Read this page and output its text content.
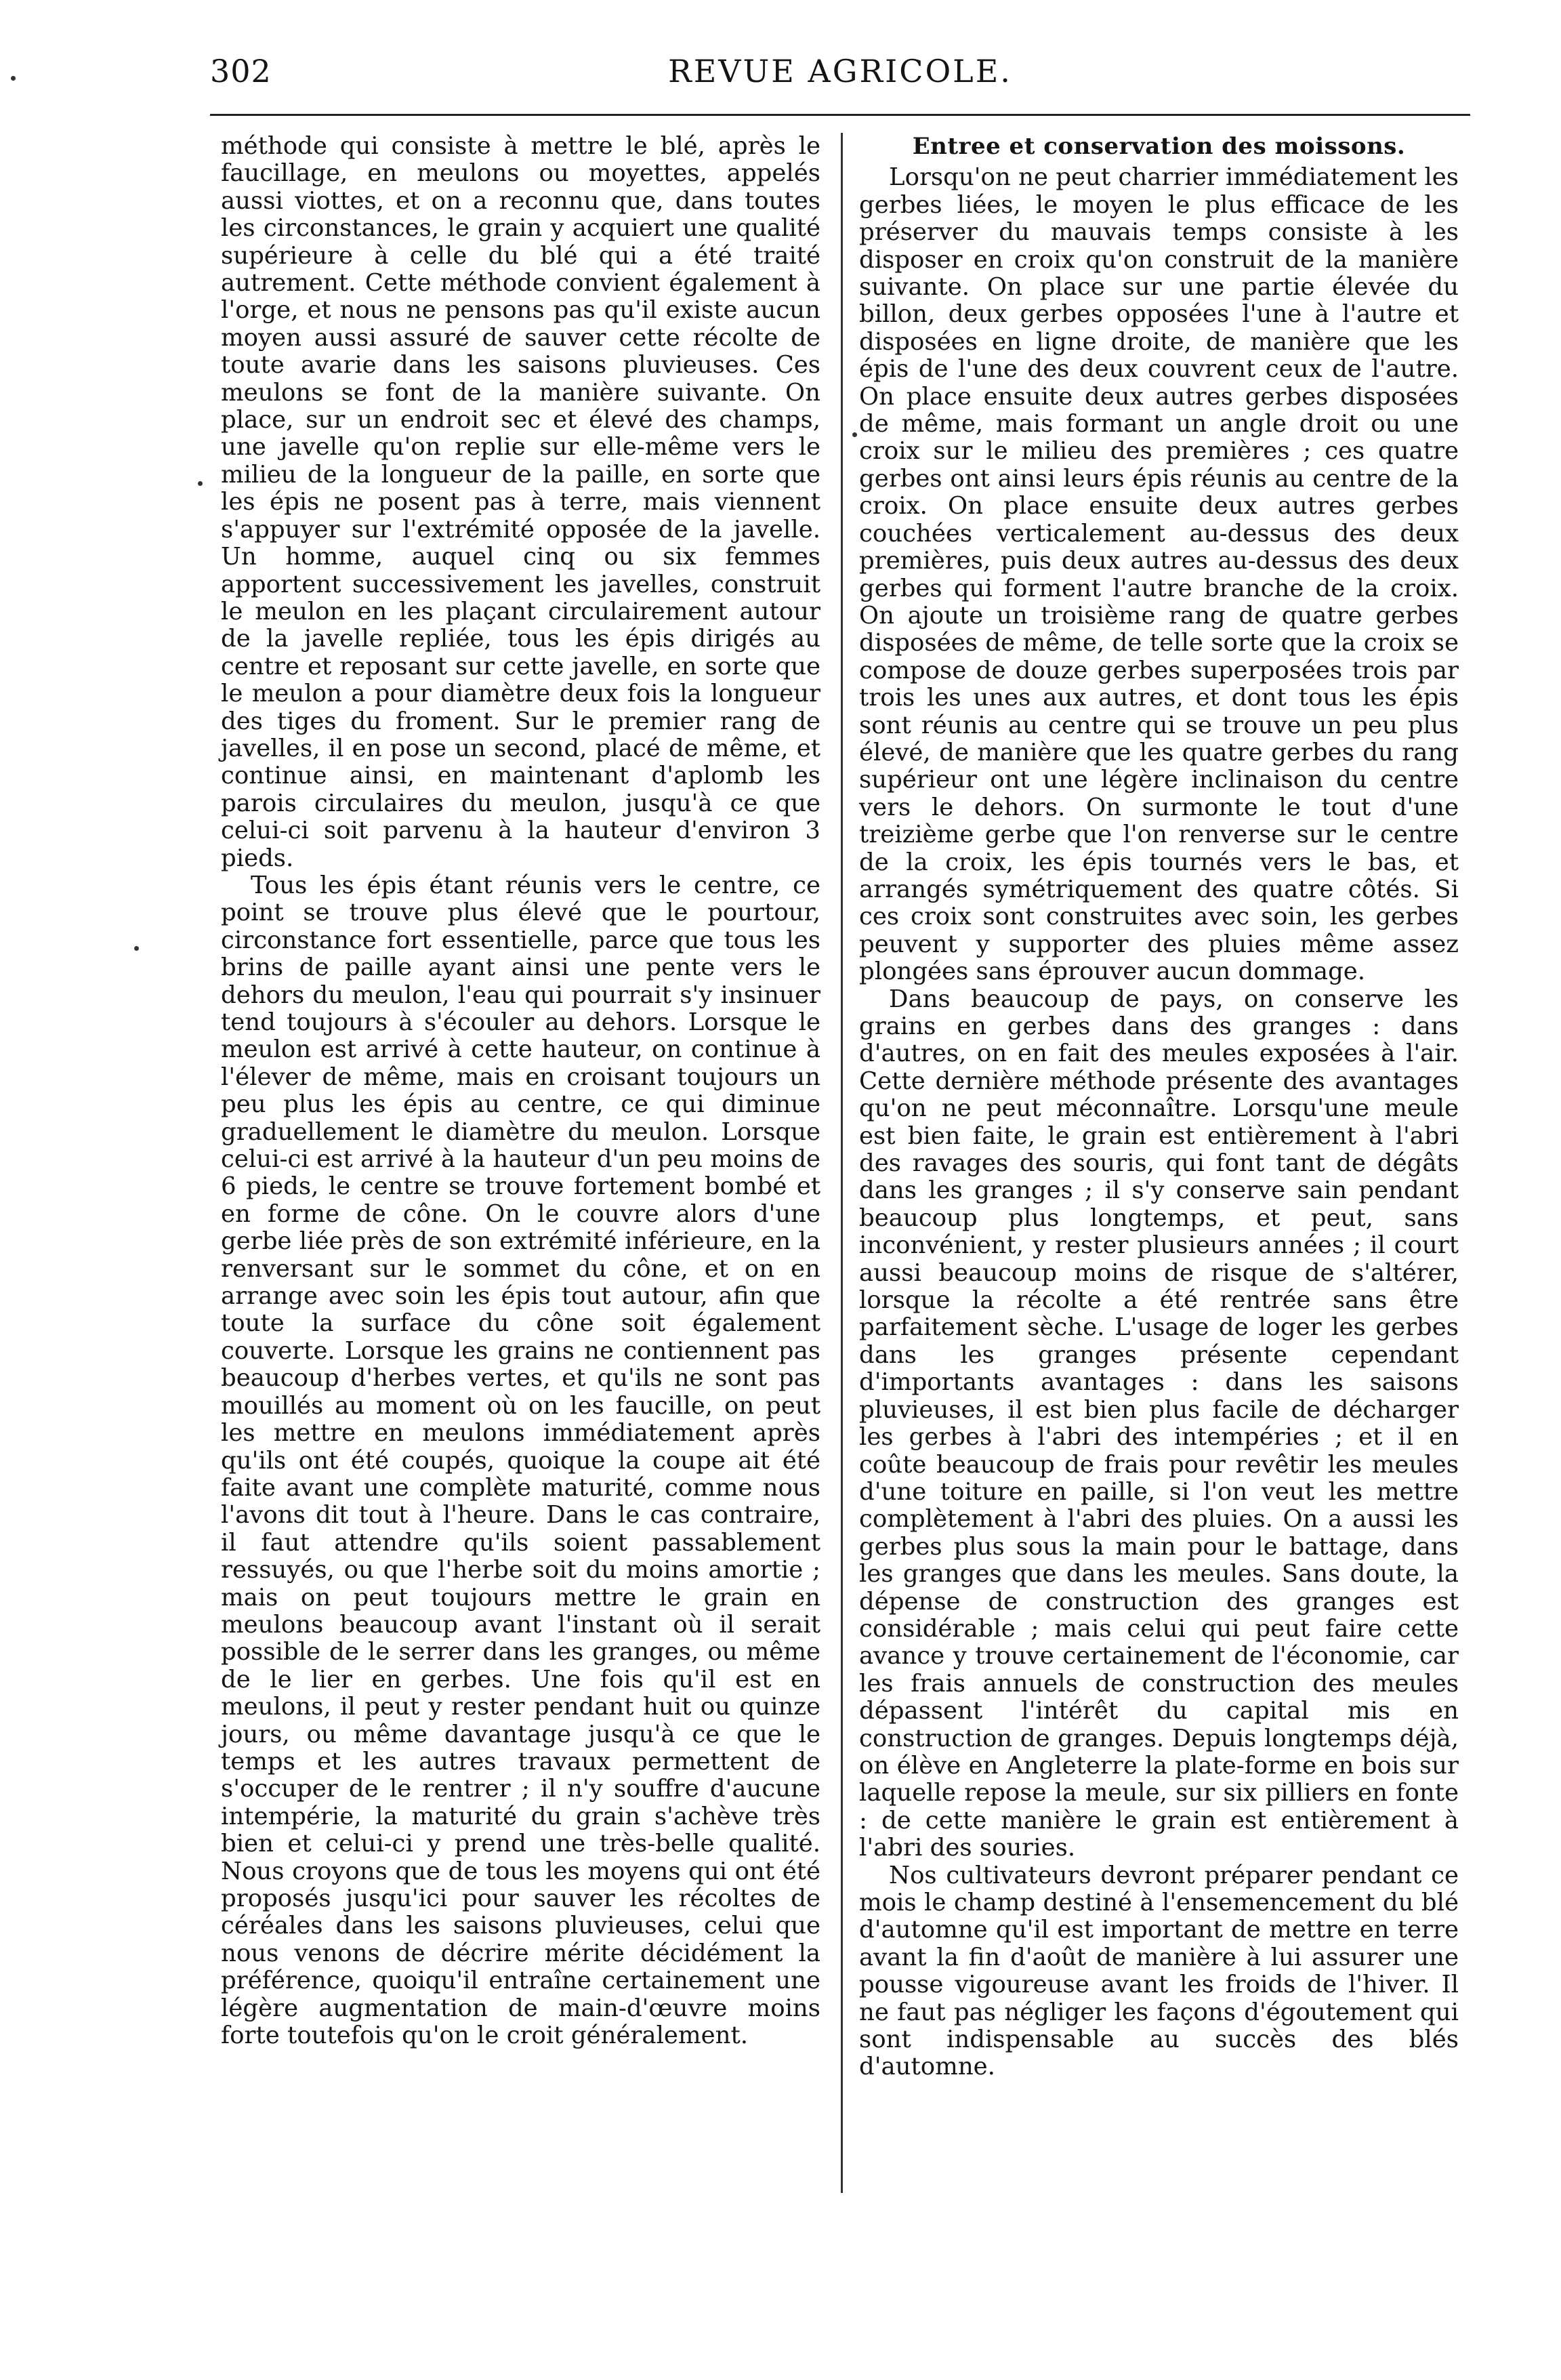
302	REVUE AGRICOLE.

méthode qui consiste à mettre le blé, après le faucillage, en meulons ou moyettes, appelés aussi viottes, et on a reconnu que, dans toutes les circonstances, le grain y acquiert une qualité supérieure à celle du blé qui a été traité autrement. Cette méthode convient également à l'orge, et nous ne pensons pas qu'il existe aucun moyen aussi assuré de sauver cette récolte de toute avarie dans les saisons pluvieuses. Ces meulons se font de la manière suivante. On place, sur un endroit sec et élevé des champs, une javelle qu'on replie sur elle-même vers le milieu de la longueur de la paille, en sorte que les épis ne posent pas à terre, mais viennent s'appuyer sur l'extrémité opposée de la javelle. Un homme, auquel cinq ou six femmes apportent successivement les javelles, construit le meulon en les plaçant circulairement autour de la javelle repliée, tous les épis dirigés au centre et reposant sur cette javelle, en sorte que le meulon a pour diamètre deux fois la longueur des tiges du froment. Sur le premier rang de javelles, il en pose un second, placé de même, et continue ainsi, en maintenant d'aplomb les parois circulaires du meulon, jusqu'à ce que celui-ci soit parvenu à la hauteur d'environ 3 pieds.

Tous les épis étant réunis vers le centre, ce point se trouve plus élevé que le pourtour, circonstance fort essentielle, parce que tous les brins de paille ayant ainsi une pente vers le dehors du meulon, l'eau qui pourrait s'y insinuer tend toujours à s'écouler au dehors. Lorsque le meulon est arrivé à cette hauteur, on continue à l'élever de même, mais en croisant toujours un peu plus les épis au centre, ce qui diminue graduellement le diamètre du meulon. Lorsque celui-ci est arrivé à la hauteur d'un peu moins de 6 pieds, le centre se trouve fortement bombé et en forme de cône. On le couvre alors d'une gerbe liée près de son extrémité inférieure, en la renversant sur le sommet du cône, et on en arrange avec soin les épis tout autour, afin que toute la surface du cône soit également couverte. Lorsque les grains ne contiennent pas beaucoup d'herbes vertes, et qu'ils ne sont pas mouillés au moment où on les faucille, on peut les mettre en meulons immédiatement après qu'ils ont été coupés, quoique la coupe ait été faite avant une complète maturité, comme nous l'avons dit tout à l'heure. Dans le cas contraire, il faut attendre qu'ils soient passablement ressuyés, ou que l'herbe soit du moins amortie ; mais on peut toujours mettre le grain en meulons beaucoup avant l'instant où il serait possible de le serrer dans les granges, ou même de le lier en gerbes. Une fois qu'il est en meulons, il peut y rester pendant huit ou quinze jours, ou même davantage jusqu'à ce que le temps et les autres travaux permettent de s'occuper de le rentrer ; il n'y souffre d'aucune intempérie, la maturité du grain s'achève très bien et celui-ci y prend une très-belle qualité. Nous croyons que de tous les moyens qui ont été proposés jusqu'ici pour sauver les récoltes de céréales dans les saisons pluvieuses, celui que nous venons de décrire mérite décidément la préférence, quoiqu'il entraîne certainement une légère augmentation de main-d'œuvre moins forte toutefois qu'on le croit généralement.

Entree et conservation des moissons.

Lorsqu'on ne peut charrier immédiatement les gerbes liées, le moyen le plus efficace de les préserver du mauvais temps consiste à les disposer en croix qu'on construit de la manière suivante. On place sur une partie élevée du billon, deux gerbes opposées l'une à l'autre et disposées en ligne droite, de manière que les épis de l'une des deux couvrent ceux de l'autre. On place ensuite deux autres gerbes disposées de même, mais formant un angle droit ou une croix sur le milieu des premières ; ces quatre gerbes ont ainsi leurs épis réunis au centre de la croix. On place ensuite deux autres gerbes couchées verticalement au-dessus des deux premières, puis deux autres au-dessus des deux gerbes qui forment l'autre branche de la croix. On ajoute un troisième rang de quatre gerbes disposées de même, de telle sorte que la croix se compose de douze gerbes superposées trois par trois les unes aux autres, et dont tous les épis sont réunis au centre qui se trouve un peu plus élevé, de manière que les quatre gerbes du rang supérieur ont une légère inclinaison du centre vers le dehors. On surmonte le tout d'une treizième gerbe que l'on renverse sur le centre de la croix, les épis tournés vers le bas, et arrangés symétriquement des quatre côtés. Si ces croix sont construites avec soin, les gerbes peuvent y supporter des pluies même assez plongées sans éprouver aucun dommage.

Dans beaucoup de pays, on conserve les grains en gerbes dans des granges : dans d'autres, on en fait des meules exposées à l'air. Cette dernière méthode présente des avantages qu'on ne peut méconnaître. Lorsqu'une meule est bien faite, le grain est entièrement à l'abri des ravages des souris, qui font tant de dégâts dans les granges ; il s'y conserve sain pendant beaucoup plus longtemps, et peut, sans inconvénient, y rester plusieurs années ; il court aussi beaucoup moins de risque de s'altérer, lorsque la récolte a été rentrée sans être parfaitement sèche. L'usage de loger les gerbes dans les granges présente cependant d'importants avantages : dans les saisons pluvieuses, il est bien plus facile de décharger les gerbes à l'abri des intempéries ; et il en coûte beaucoup de frais pour revêtir les meules d'une toiture en paille, si l'on veut les mettre complètement à l'abri des pluies. On a aussi les gerbes plus sous la main pour le battage, dans les granges que dans les meules. Sans doute, la dépense de construction des granges est considérable ; mais celui qui peut faire cette avance y trouve certainement de l'économie, car les frais annuels de construction des meules dépassent l'intérêt du capital mis en construction de granges. Depuis longtemps déjà, on élève en Angleterre la plate-forme en bois sur laquelle repose la meule, sur six pilliers en fonte : de cette manière le grain est entièrement à l'abri des souries.

Nos cultivateurs devront préparer pendant ce mois le champ destiné à l'ensemencement du blé d'automne qu'il est important de mettre en terre avant la fin d'août de manière à lui assurer une pousse vigoureuse avant les froids de l'hiver. Il ne faut pas négliger les façons d'égoutement qui sont indispensable au succès des blés d'automne.
